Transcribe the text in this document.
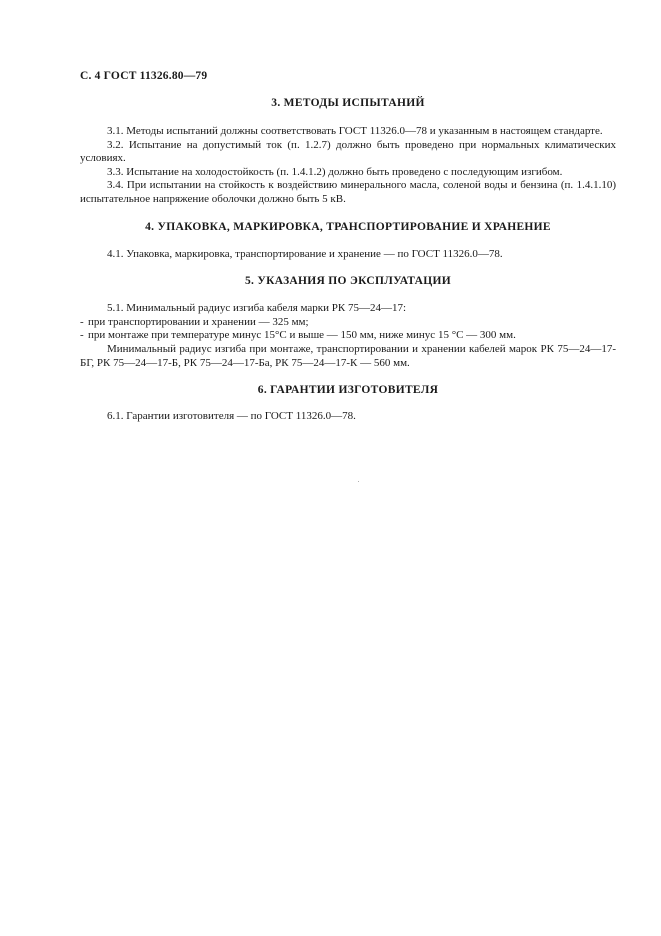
С. 4 ГОСТ 11326.80—79
3. МЕТОДЫ ИСПЫТАНИЙ

3.1. Методы испытаний должны соответствовать ГОСТ 11326.0—78 и указанным в настоящем стандарте.

3.2. Испытание на допустимый ток (п. 1.2.7) должно быть проведено при нормальных климатических условиях.

3.3. Испытание на холодостойкость (п. 1.4.1.2) должно быть проведено с последующим изгибом.

3.4. При испытании на стойкость к воздействию минерального масла, соленой воды и бензина (п. 1.4.1.10) испытательное напряжение оболочки должно быть 5 кВ.

4. УПАКОВКА, МАРКИРОВКА, ТРАНСПОРТИРОВАНИЕ И ХРАНЕНИЕ

4.1. Упаковка, маркировка, транспортирование и хранение — по ГОСТ 11326.0—78.

5. УКАЗАНИЯ ПО ЭКСПЛУАТАЦИИ

5.1. Минимальный радиус изгиба кабеля марки РК 75—24—17:

- при транспортировании и хранении — 325 мм;

- при монтаже при температуре минус 15°С и выше — 150 мм, ниже минус 15 °С — 300 мм.

Минимальный радиус изгиба при монтаже, транспортировании и хранении кабелей марок РК 75—24—17-БГ, РК 75—24—17-Б, РК 75—24—17-Ба, РК 75—24—17-К — 560 мм.

6. ГАРАНТИИ ИЗГОТОВИТЕЛЯ

6.1. Гарантии изготовителя — по ГОСТ 11326.0—78.
